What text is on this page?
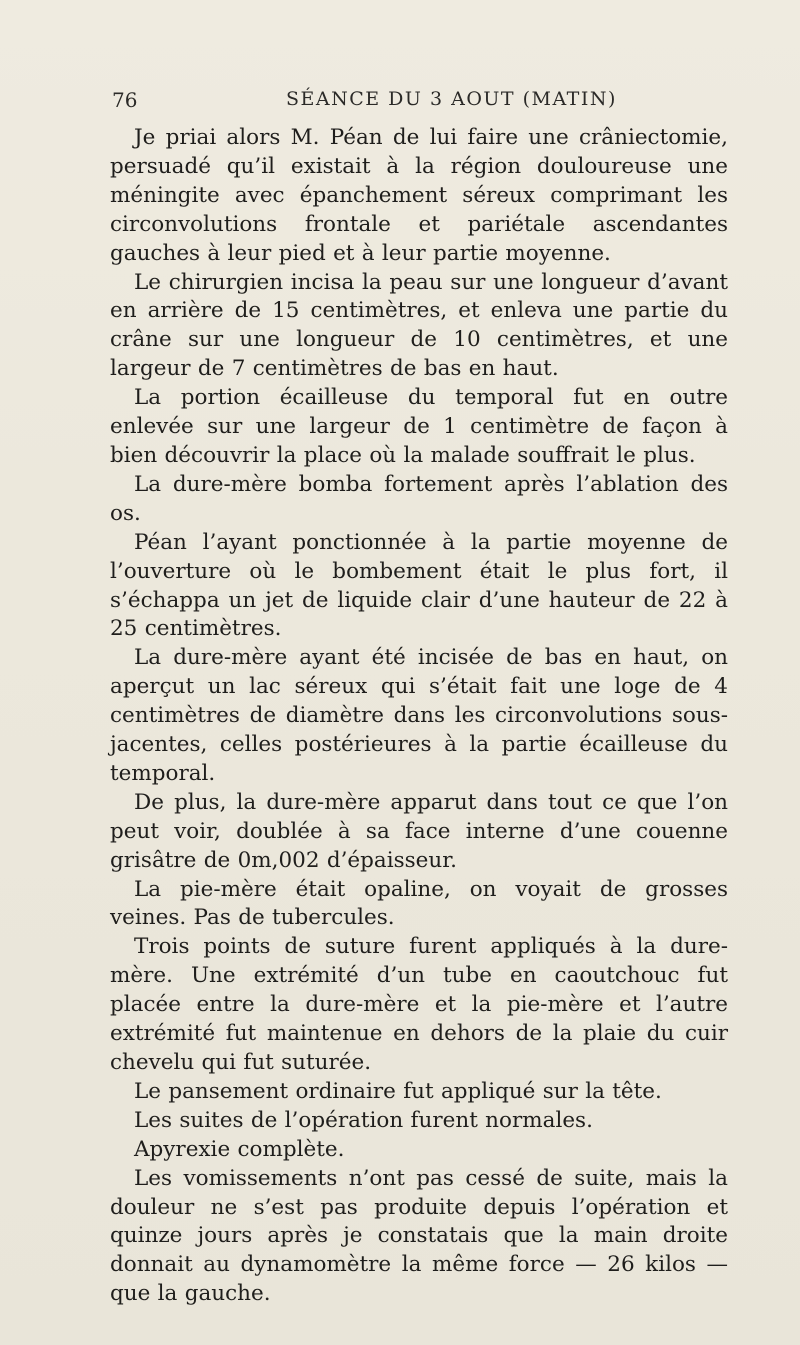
76	SÉANCE DU 3 AOUT (MATIN)

Je priai alors M. Péan de lui faire une crâniectomie, persuadé qu’il existait à la région douloureuse une méningite avec épanchement séreux comprimant les circonvolutions frontale et pariétale ascendantes gauches à leur pied et à leur partie moyenne.

Le chirurgien incisa la peau sur une longueur d’avant en arrière de 15 centimètres, et enleva une partie du crâne sur une longueur de 10 centimètres, et une largeur de 7 centimètres de bas en haut.

La portion écailleuse du temporal fut en outre enlevée sur une largeur de 1 centimètre de façon à bien découvrir la place où la malade souffrait le plus.

La dure-mère bomba fortement après l’ablation des os.

Péan l’ayant ponctionnée à la partie moyenne de l’ouverture où le bombement était le plus fort, il s’échappa un jet de liquide clair d’une hauteur de 22 à 25 centimètres.

La dure-mère ayant été incisée de bas en haut, on aperçut un lac séreux qui s’était fait une loge de 4 centimètres de diamètre dans les circonvolutions sous-jacentes, celles postérieures à la partie écailleuse du temporal.

De plus, la dure-mère apparut dans tout ce que l’on peut voir, doublée à sa face interne d’une couenne grisâtre de 0m,002 d’épaisseur.

La pie-mère était opaline, on voyait de grosses veines. Pas de tubercules.

Trois points de suture furent appliqués à la dure-mère. Une extrémité d’un tube en caoutchouc fut placée entre la dure-mère et la pie-mère et l’autre extrémité fut maintenue en dehors de la plaie du cuir chevelu qui fut suturée.

Le pansement ordinaire fut appliqué sur la tête.

Les suites de l’opération furent normales.

Apyrexie complète.

Les vomissements n’ont pas cessé de suite, mais la douleur ne s’est pas produite depuis l’opération et quinze jours après je constatais que la main droite donnait au dynamomètre la même force — 26 kilos — que la gauche.
